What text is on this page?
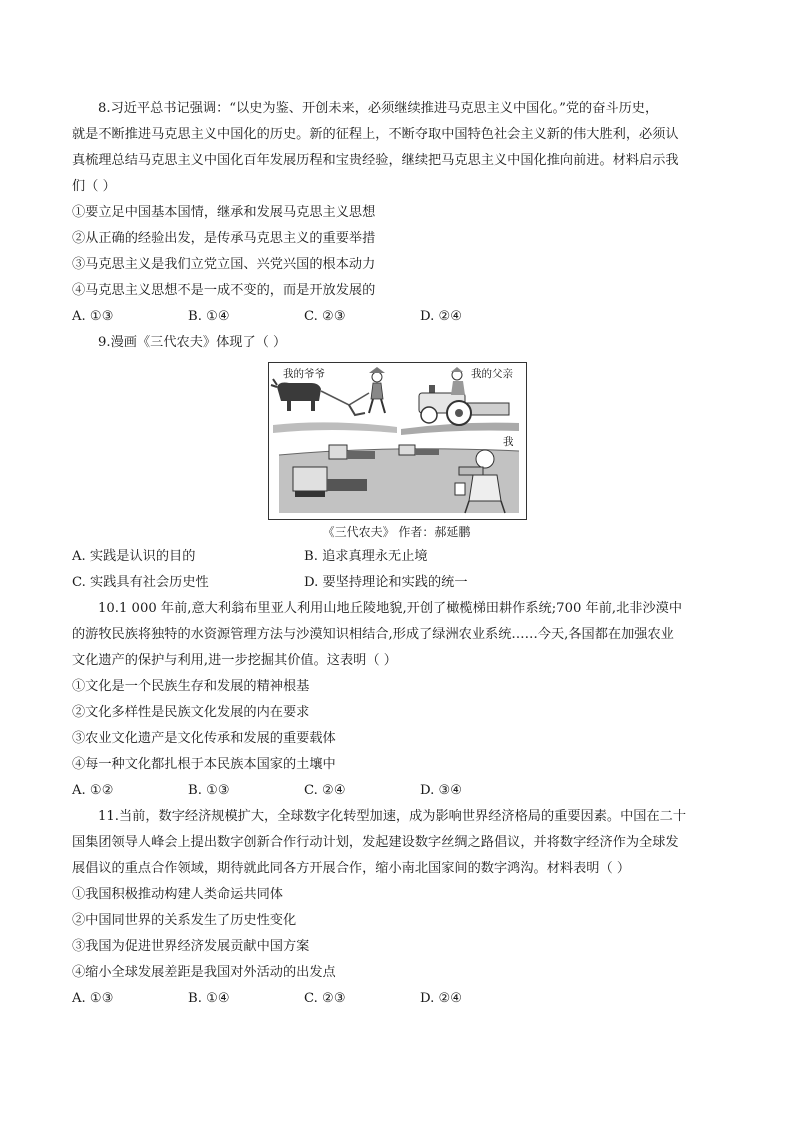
8.习近平总书记强调：“以史为鉴、开创未来，必须继续推进马克思主义中国化。”党的奋斗历史，
就是不断推进马克思主义中国化的历史。新的征程上，不断夺取中国特色社会主义新的伟大胜利，必须认
真梳理总结马克思主义中国化百年发展历程和宝贵经验，继续把马克思主义中国化推向前进。材料启示我
们（ ）
①要立足中国基本国情，继承和发展马克思主义思想
②从正确的经验出发，是传承马克思主义的重要举措
③马克思主义是我们立党立国、兴党兴国的根本动力
④马克思主义思想不是一成不变的，而是开放发展的
A. ①③	B. ①④	C. ②③	D. ②④
9.漫画《三代农夫》体现了（ ）
我的爷爷	我的父亲
我
《三代农夫》 作者：郝延鹏
A. 实践是认识的目的	B. 追求真理永无止境
C. 实践具有社会历史性	D. 要坚持理论和实践的统一
10.1 000 年前,意大利翁布里亚人利用山地丘陵地貌,开创了橄榄梯田耕作系统;700 年前,北非沙漠中
的游牧民族将独特的水资源管理方法与沙漠知识相结合,形成了绿洲农业系统……今天,各国都在加强农业
文化遗产的保护与利用,进一步挖掘其价值。这表明（ ）
①文化是一个民族生存和发展的精神根基
②文化多样性是民族文化发展的内在要求
③农业文化遗产是文化传承和发展的重要载体
④每一种文化都扎根于本民族本国家的土壤中
A. ①②	B. ①③	C. ②④	D. ③④
11.当前，数字经济规模扩大，全球数字化转型加速，成为影响世界经济格局的重要因素。中国在二十
国集团领导人峰会上提出数字创新合作行动计划，发起建设数字丝绸之路倡议，并将数字经济作为全球发
展倡议的重点合作领域，期待就此同各方开展合作，缩小南北国家间的数字鸿沟。材料表明（ ）
①我国积极推动构建人类命运共同体
②中国同世界的关系发生了历史性变化
③我国为促进世界经济发展贡献中国方案
④缩小全球发展差距是我国对外活动的出发点
A. ①③	B. ①④	C. ②③	D. ②④
